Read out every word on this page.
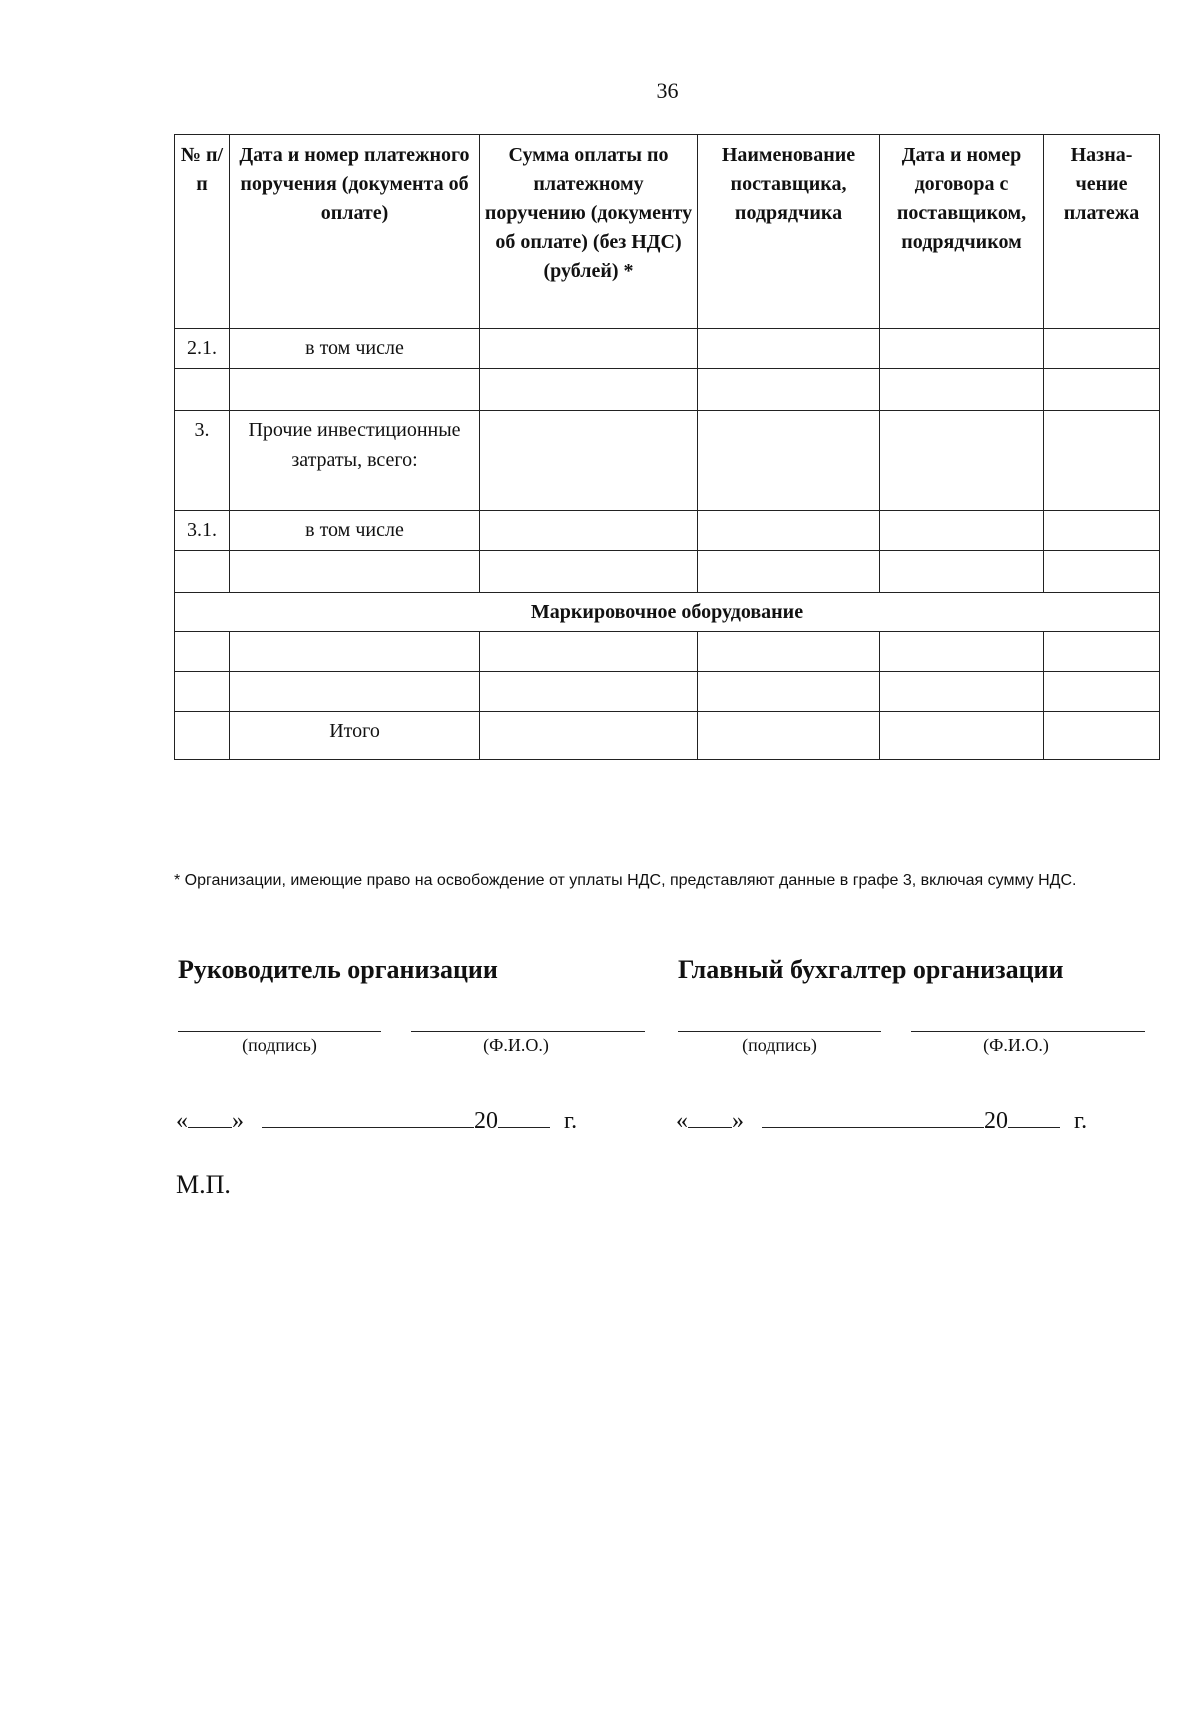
36
№ п/п	Дата и номер платежного поручения (документа об оплате)	Сумма оплаты по платежному поручению (документу об оплате) (без НДС) (рублей) *	Наименование поставщика, подрядчика	Дата и номер договора с поставщиком, подрядчиком	Назна-чение платежа
2.1.	в том числе				

3.	Прочие инвестиционные затраты, всего:				
3.1.	в том числе				

Маркировочное оборудование					

	Итого				
* Организации, имеющие право на освобождение от уплаты НДС, представляют данные в графе 3, включая сумму НДС.
Руководитель организации	Главный бухгалтер организации
(подпись)	(Ф.И.О.)	(подпись)	(Ф.И.О.)
« »	20	г.	« »	20	г.
М.П.
